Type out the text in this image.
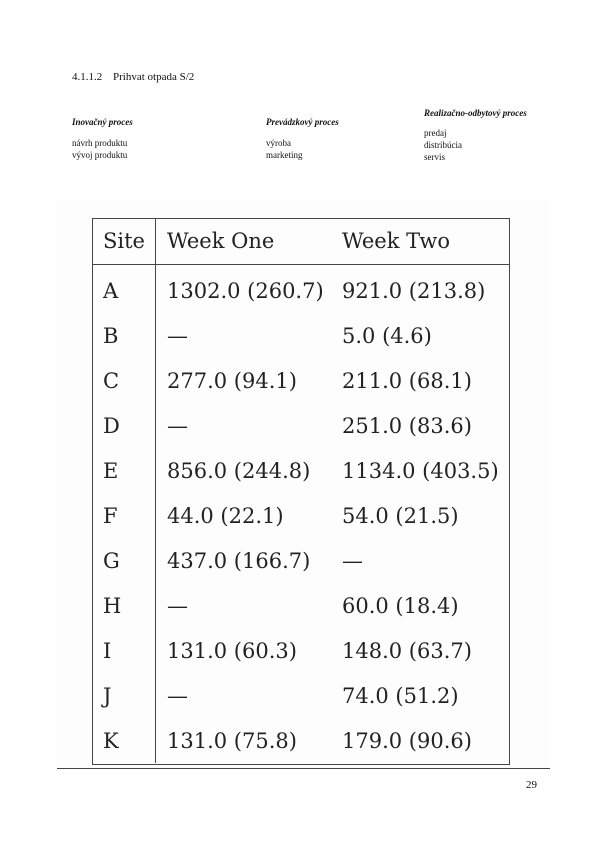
4.1.1.2 Prihvat otpada S/2
Inovačný proces
návrh produktu
vývoj produktu
Prevádzkový proces
výroba
marketing
Realizačno-odbytový proces
predaj
distribúcia
servis
Site	Week One	Week Two
A	1302.0 (260.7)	921.0 (213.8)
B	—	5.0 (4.6)
C	277.0 (94.1)	211.0 (68.1)
D	—	251.0 (83.6)
E	856.0 (244.8)	1134.0 (403.5)
F	44.0 (22.1)	54.0 (21.5)
G	437.0 (166.7)	—
H	—	60.0 (18.4)
I	131.0 (60.3)	148.0 (63.7)
J	—	74.0 (51.2)
K	131.0 (75.8)	179.0 (90.6)
29
